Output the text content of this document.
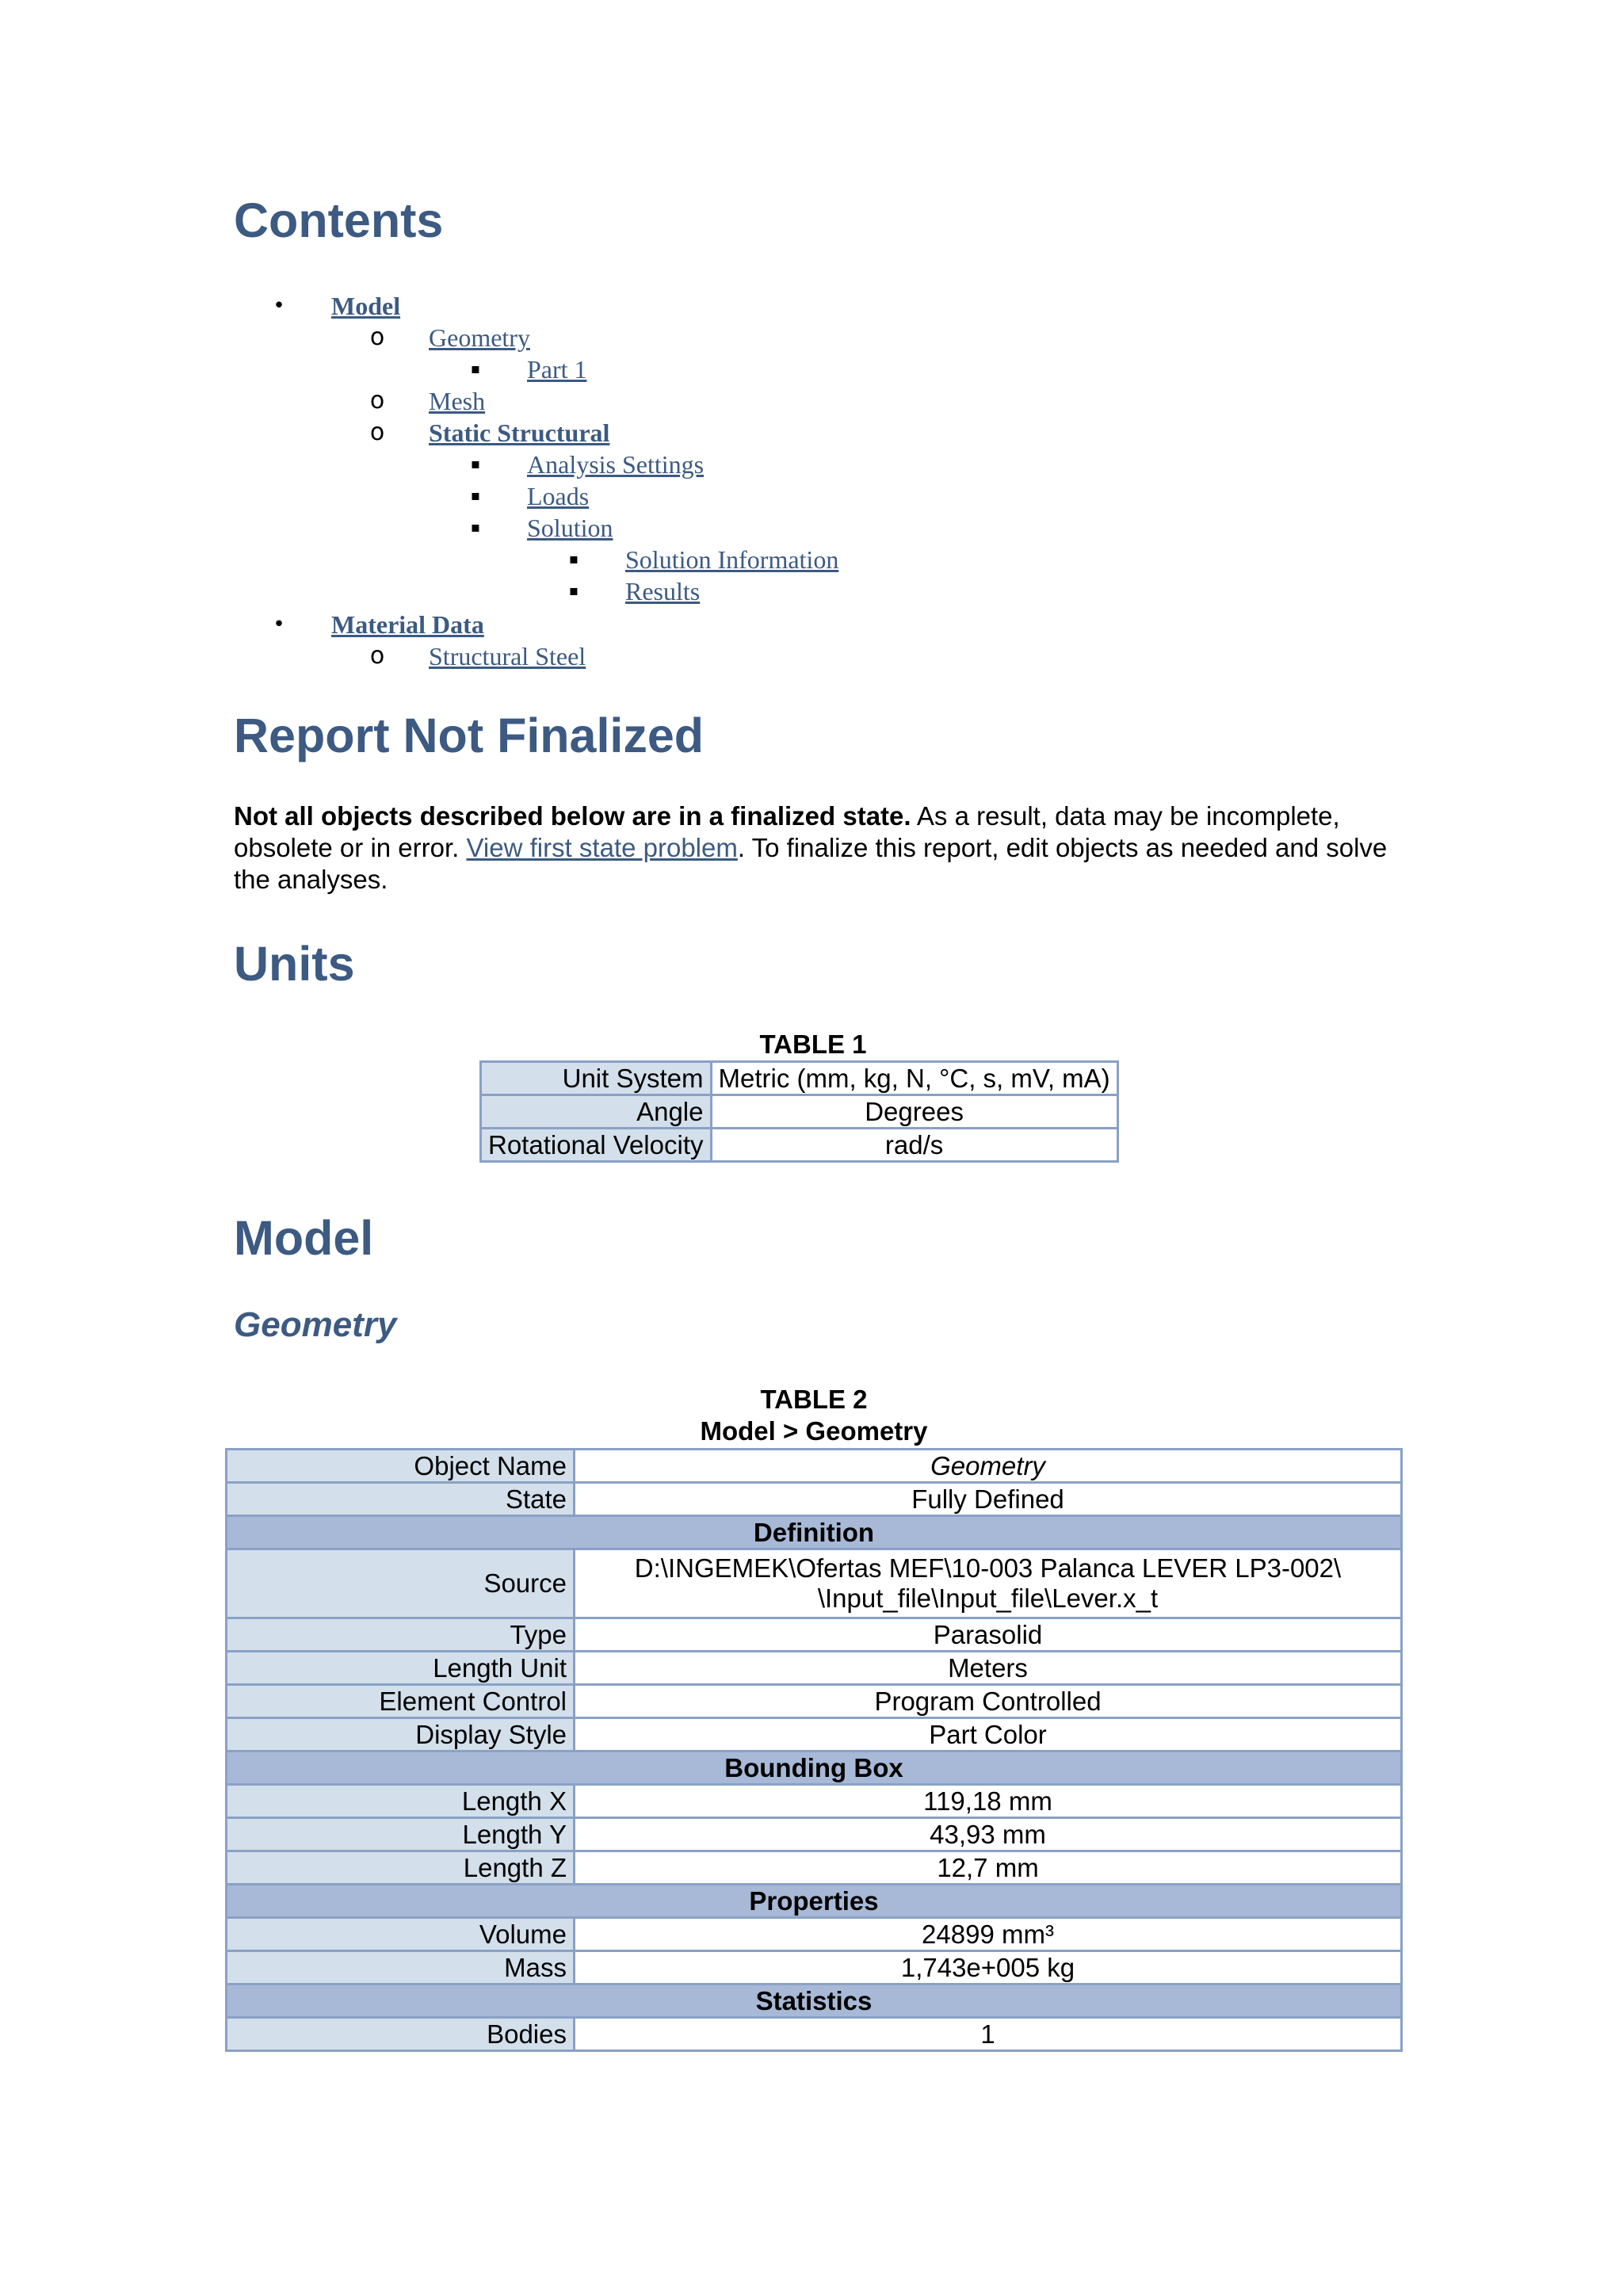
Contents
• Model
o Geometry
▪ Part 1
o Mesh
o Static Structural
▪ Analysis Settings
▪ Loads
▪ Solution
▪ Solution Information
▪ Results
• Material Data
o Structural Steel
Report Not Finalized

Not all objects described below are in a finalized state. As a result, data may be incomplete, obsolete or in error. View first state problem. To finalize this report, edit objects as needed and solve the analyses.

Units
TABLE 1
Unit System	Metric (mm, kg, N, °C, s, mV, mA)
Angle	Degrees
Rotational Velocity	rad/s
Model
Geometry
TABLE 2
Model > Geometry
Object Name	Geometry
State	Fully Defined
Definition	
Source	D:\INGEMEK\Ofertas MEF\10-003 Palanca LEVER LP3-002\
\Input_file\Input_file\Lever.x_t

Type	Parasolid
Length Unit	Meters
Element Control	Program Controlled
Display Style	Part Color
Bounding Box	
Length X	119,18 mm
Length Y	43,93 mm
Length Z	12,7 mm
Properties	
Volume	24899 mm³
Mass	1,743e+005 kg
Statistics	
Bodies	1
